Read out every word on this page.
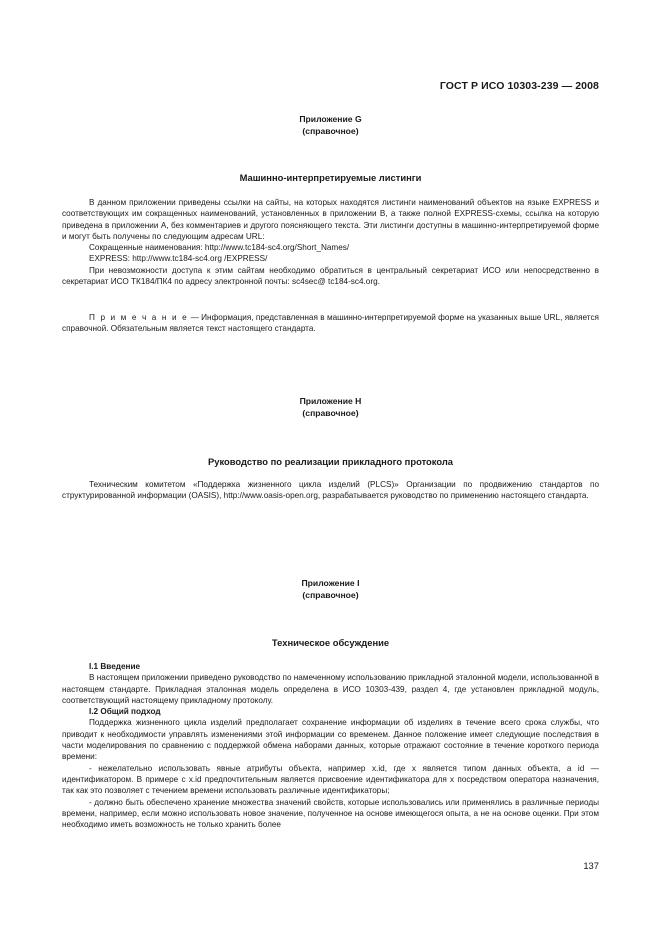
ГОСТ Р ИСО 10303-239 — 2008
Приложение G
(справочное)
Машинно-интерпретируемые листинги

В данном приложении приведены ссылки на сайты, на которых находятся листинги наименований объектов на языке EXPRESS и соответствующих им сокращенных наименований, установленных в приложении В, а также полной EXPRESS-схемы, ссылка на которую приведена в приложении А, без комментариев и другого поясняющего текста. Эти листинги доступны в машинно-интерпретируемой форме и могут быть получены по следующим адресам URL:

Сокращенные наименования: http://www.tc184-sc4.org/Short_Names/

EXPRESS: http://www.tc184-sc4.org /EXPRESS/

При невозможности доступа к этим сайтам необходимо обратиться в центральный секретариат ИСО или непосредственно в секретариат ИСО ТК184/ПК4 по адресу электронной почты: sc4sec@ tc184-sc4.org.

П р и м е ч а н и е — Информация, представленная в машинно-интерпретируемой форме на указанных выше URL, является справочной. Обязательным является текст настоящего стандарта.

Приложение Н
(справочное)
Руководство по реализации прикладного протокола

Техническим комитетом «Поддержка жизненного цикла изделий (PLCS)» Организации по продвижению стандартов по структурированной информации (OASIS), http://www.oasis-open.org, разрабатывается руководство по применению настоящего стандарта.

Приложение I
(справочное)
Техническое обсуждение
I.1 Введение

В настоящем приложении приведено руководство по намеченному использованию прикладной эталонной модели, использованной в настоящем стандарте. Прикладная эталонная модель определена в ИСО 10303-439, раздел 4, где установлен прикладной модуль, соответствующий настоящему прикладному протоколу.

I.2 Общий подход

Поддержка жизненного цикла изделий предполагает сохранение информации об изделиях в течение всего срока службы, что приводит к необходимости управлять изменениями этой информации со временем. Данное положение имеет следующие последствия в части моделирования по сравнению с поддержкой обмена наборами данных, которые отражают состояние в течение короткого периода времени:

- нежелательно использовать явные атрибуты объекта, например x.id, где x является типом данных объекта, а id — идентификатором. В примере с x.id предпочтительным является присвоение идентификатора для x посредством оператора назначения, так как это позволяет с течением времени использовать различные идентификаторы;

- должно быть обеспечено хранение множества значений свойств, которые использовались или применялись в различные периоды времени, например, если можно использовать новое значение, полученное на основе имеющегося опыта, а не на основе оценки. При этом необходимо иметь возможность не только хранить более

137
